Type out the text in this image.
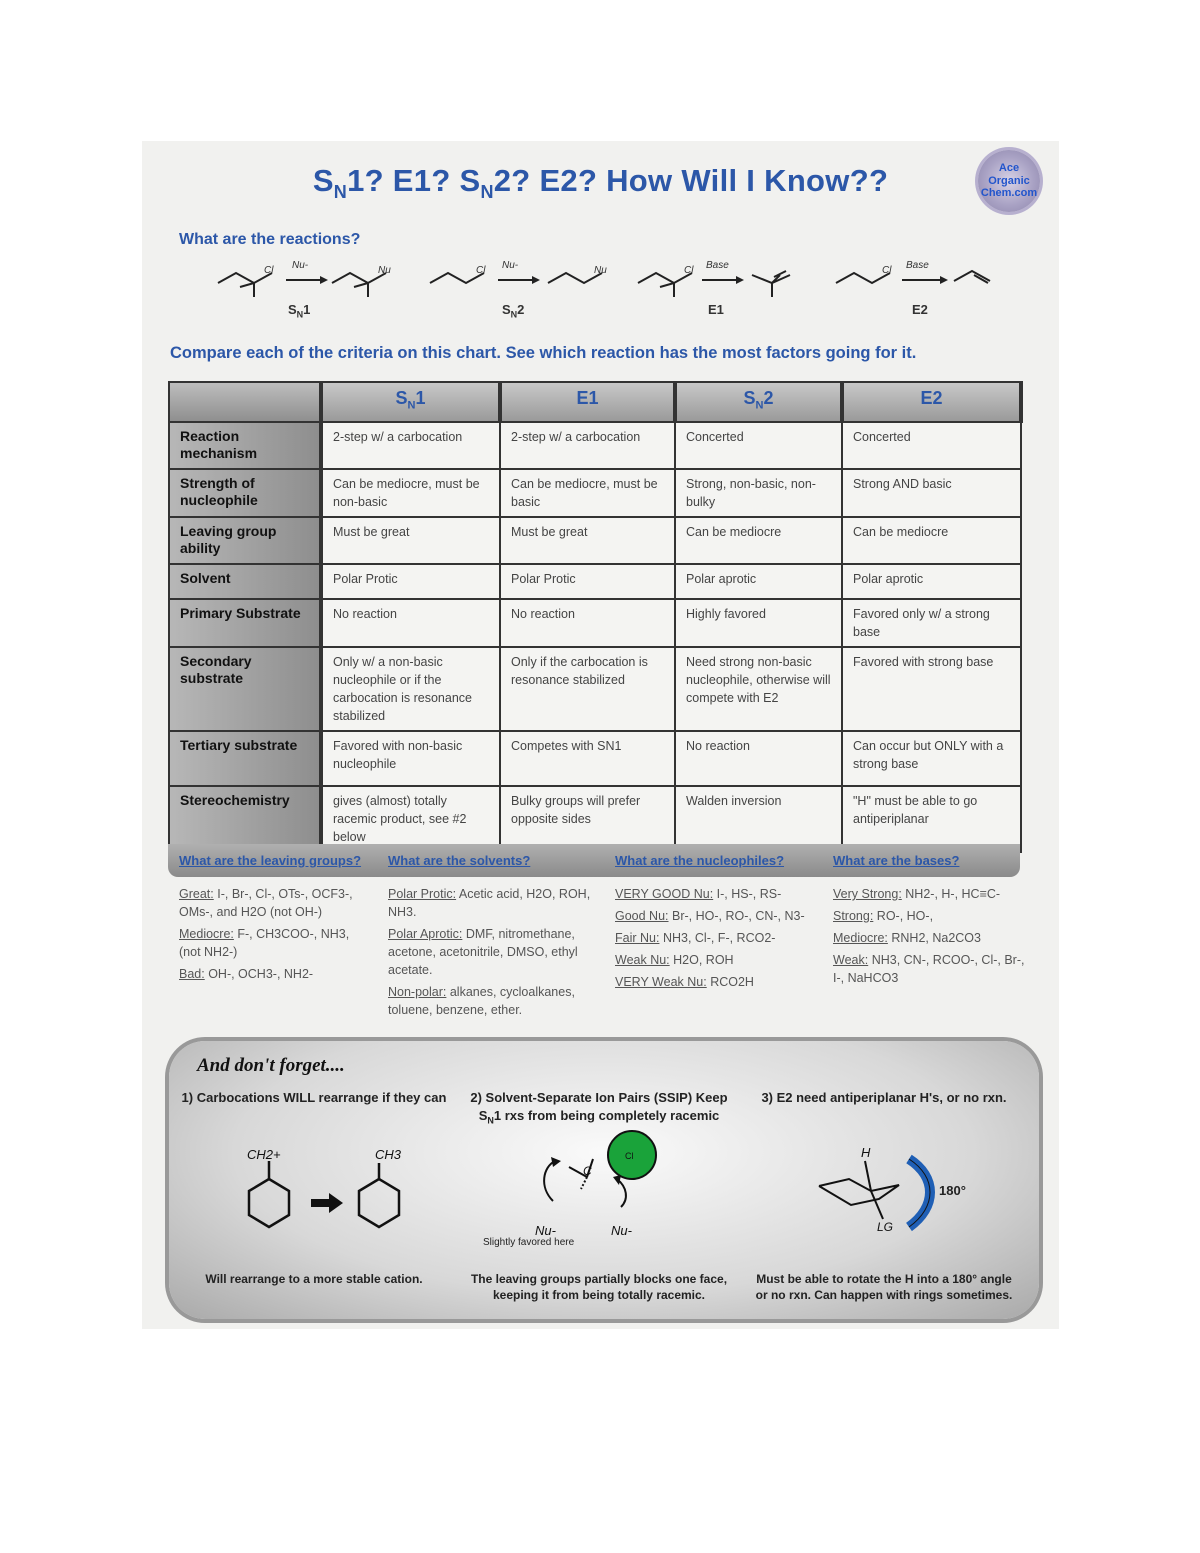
$S_N1$? E1? $S_N2$? E2? How Will I Know??	Ace
Organic
Chem.com
What are the reactions?
Cl Nu-	Nu	Cl Nu-	Nu	Cl Base	Cl Base
$S_N1$	$S_N2$	E1	E2
Compare each of the criteria on this chart. See which reaction has the most factors going for it.
	$S_N1$	E1	$S_N2$	E2
Reaction mechanism	2-step w/ a carbocation	2-step w/ a carbocation	Concerted	Concerted
Strength of nucleophile	Can be mediocre, must be non-basic	Can be mediocre, must be basic	Strong, non-basic, non-bulky	Strong AND basic
Leaving group ability	Must be great	Must be great	Can be mediocre	Can be mediocre
Solvent	Polar Protic	Polar Protic	Polar aprotic	Polar aprotic
Primary Substrate	No reaction	No reaction	Highly favored	Favored only w/ a strong base
Secondary substrate	Only w/ a non-basic nucleophile or if the carbocation is resonance stabilized	Only if the carbocation is resonance stabilized	Need strong non-basic nucleophile, otherwise will compete with E2	Favored with strong base
Tertiary substrate	Favored with non-basic nucleophile	Competes with SN1	No reaction	Can occur but ONLY with a strong base
Stereochemistry	gives (almost) totally racemic product, see #2 below	Bulky groups will prefer opposite sides	Walden inversion	"H" must be able to go antiperiplanar
What are the leaving groups? What are the solvents?	What are the nucleophiles?	What are the bases?

Great: I-, Br-, Cl-, OTs-, OCF3-, OMs-, and H2O (not OH-)

Mediocre: F-, CH3COO-, NH3, (not NH2-)

Bad: OH-, OCH3-, NH2-

Polar Protic: Acetic acid, H2O, ROH, NH3.

Polar Aprotic: DMF, nitromethane, acetone, acetonitrile, DMSO, ethyl acetate.

Non-polar: alkanes, cycloalkanes, toluene, benzene, ether.

VERY GOOD Nu: I-, HS-, RS-

Good Nu: Br-, HO-, RO-, CN-, N3-

Fair Nu: NH3, Cl-, F-, RCO2-

Weak Nu: H2O, ROH

VERY Weak Nu: RCO2H

Very Strong: NH2-, H-, HC≡C-

Strong: RO-, HO-,

Mediocre: RNH2, Na2CO3

Weak: NH3, CN-, RCOO-, Cl-, Br-, I-, NaHCO3

And don't forget....
1) Carbocations WILL rearrange if they can	2) Solvent-Separate Ion Pairs (SSIP) Keep
$S_N1$ rxs from being completely racemic
3) E2 need antiperiplanar H's, or no rxn.
CH2+	CH3
Will rearrange to a more stable cation.
Cl
C
Nu-	Nu-
Slightly favored here
The leaving groups partially blocks one face, keeping it from being totally racemic.
H
LG
180°
Must be able to rotate the H into a 180° angle or no rxn. Can happen with rings sometimes.
